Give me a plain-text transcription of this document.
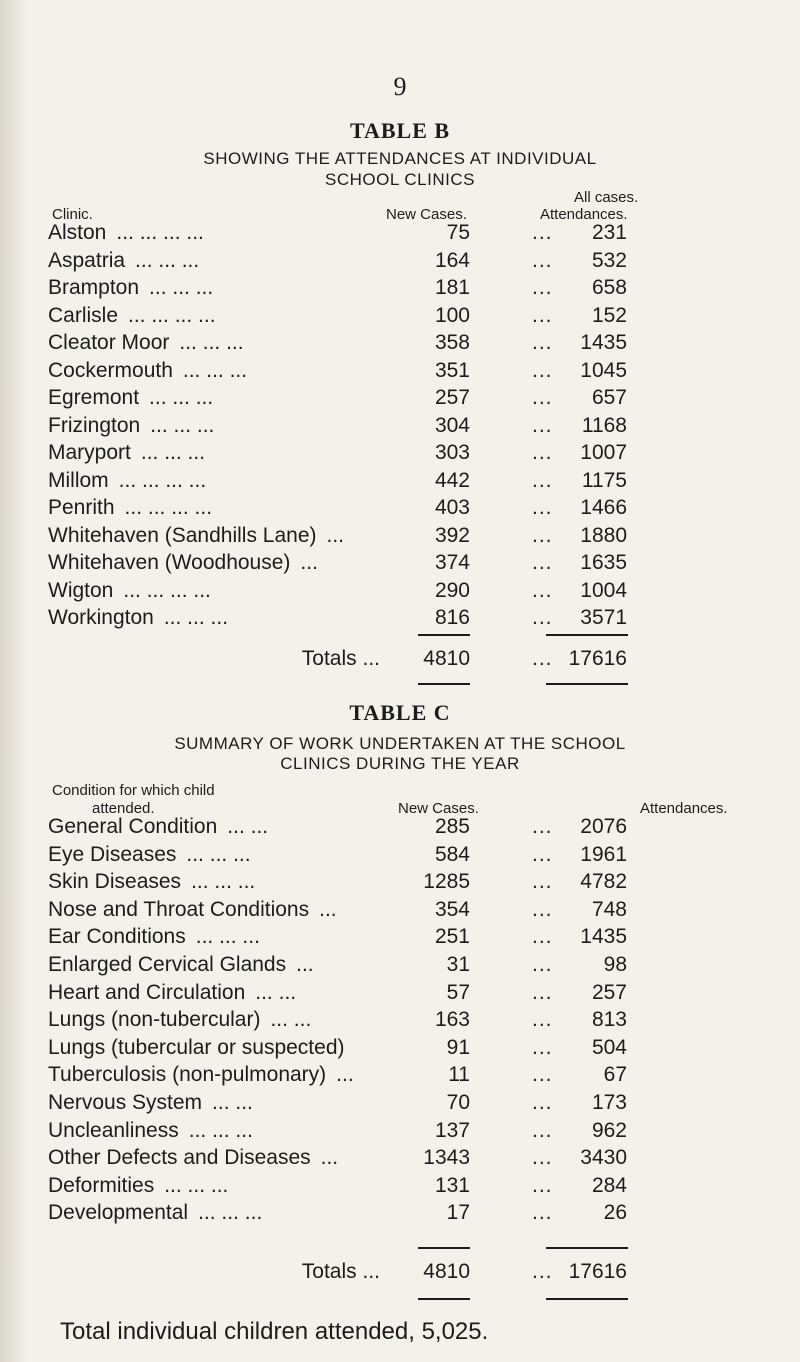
9
TABLE B
SHOWING THE ATTENDANCES AT INDIVIDUAL
SCHOOL CLINICS
Clinic.	New Cases.
All cases.
Attendances.
Alston ... ... ... ...	75	... 231
Aspatria ... ... ...	164	... 532
Brampton ... ... ...	181	... 658
Carlisle ... ... ... ...	100	... 152
Cleator Moor ... ... ...	358	... 1435
Cockermouth ... ... ...	351	... 1045
Egremont ... ... ...	257	... 657
Frizington ... ... ...	304	... 1168
Maryport ... ... ...	303	... 1007
Millom ... ... ... ...	442	... 1175
Penrith ... ... ... ...	403	... 1466
Whitehaven (Sandhills Lane) ...	392	... 1880
Whitehaven (Woodhouse) ...	374	... 1635
Wigton ... ... ... ...	290	... 1004
Workington ... ... ...	816	... 3571
Totals ... 4810	... 17616
TABLE C
SUMMARY OF WORK UNDERTAKEN AT THE SCHOOL
CLINICS DURING THE YEAR
Condition for which child
attended.	New Cases.	Attendances.
General Condition ... ...	285	... 2076
Eye Diseases ... ... ...	584	... 1961
Skin Diseases ... ... ...	1285	... 4782
Nose and Throat Conditions ...	354	... 748
Ear Conditions ... ... ...	251	... 1435
Enlarged Cervical Glands ...	31	... 98
Heart and Circulation ... ...	57	... 257
Lungs (non-tubercular) ... ...	163	... 813
Lungs (tubercular or suspected)	91	... 504
Tuberculosis (non-pulmonary) ...	11	... 67
Nervous System ... ...	70	... 173
Uncleanliness ... ... ...	137	... 962
Other Defects and Diseases ...	1343	... 3430
Deformities ... ... ...	131	... 284
Developmental ... ... ...	17	... 26
Totals ... 4810	... 17616
Total individual children attended, 5,025.
